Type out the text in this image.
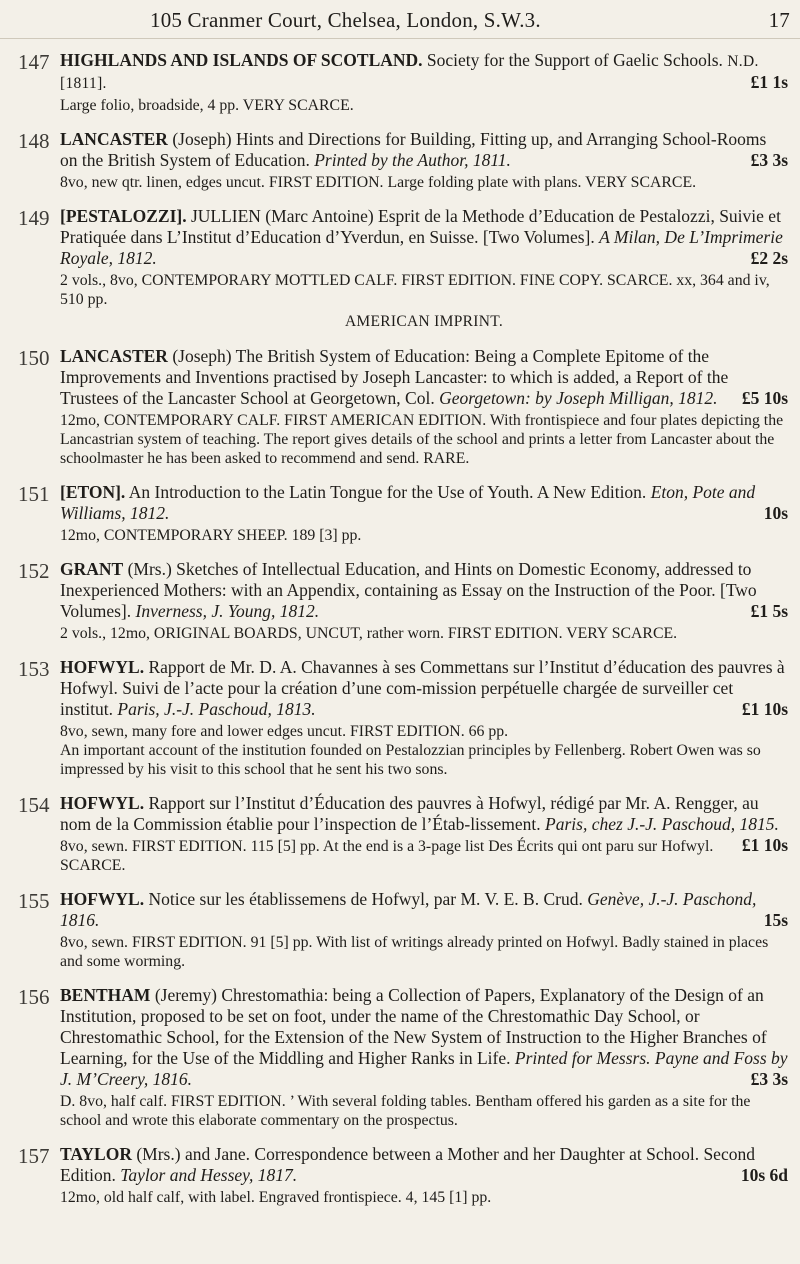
105 Cranmer Court, Chelsea, London, S.W.3.	17
147 HIGHLANDS AND ISLANDS OF SCOTLAND. Society for the Support of Gaelic Schools. N.D. [1811].	£1 1s
Large folio, broadside, 4 pp. VERY SCARCE.
148 LANCASTER (Joseph) Hints and Directions for Building, Fitting up, and Arranging School-Rooms on the British System of Education. Printed by the Author, 1811.	£3 3s
8vo, new qtr. linen, edges uncut. FIRST EDITION. Large folding plate with plans. VERY SCARCE.
149 [PESTALOZZI]. JULLIEN (Marc Antoine) Esprit de la Methode d’Education de Pestalozzi, Suivie et Pratiquée dans L’Institut d’Education d’Yverdun, en Suisse. [Two Volumes]. A Milan, De L’Imprimerie Royale, 1812.	£2 2s
2 vols., 8vo, CONTEMPORARY MOTTLED CALF. FIRST EDITION. FINE COPY. SCARCE. xx, 364 and iv, 510 pp.
AMERICAN IMPRINT.
150 LANCASTER (Joseph) The British System of Education: Being a Complete Epitome of the Improvements and Inventions practised by Joseph Lancaster: to which is added, a Report of the Trustees of the Lancaster School at Georgetown, Col. Georgetown: by Joseph Milligan, 1812.	£5 10s
12mo, CONTEMPORARY CALF. FIRST AMERICAN EDITION. With frontispiece and four plates depicting the Lancastrian system of teaching. The report gives details of the school and prints a letter from Lancaster about the schoolmaster he has been asked to recommend and send. RARE.
151 [ETON]. An Introduction to the Latin Tongue for the Use of Youth. A New Edition. Eton, Pote and Williams, 1812.	10s
12mo, CONTEMPORARY SHEEP. 189 [3] pp.
152 GRANT (Mrs.) Sketches of Intellectual Education, and Hints on Domestic Economy, addressed to Inexperienced Mothers: with an Appendix, containing as Essay on the Instruction of the Poor. [Two Volumes]. Inverness, J. Young, 1812.	£1 5s
2 vols., 12mo, ORIGINAL BOARDS, UNCUT, rather worn. FIRST EDITION. VERY SCARCE.
153 HOFWYL. Rapport de Mr. D. A. Chavannes à ses Commettans sur l’Institut d’éducation des pauvres à Hofwyl. Suivi de l’acte pour la création d’une com-mission perpétuelle chargée de surveiller cet institut. Paris, J.-J. Paschoud, 1813.	£1 10s
8vo, sewn, many fore and lower edges uncut. FIRST EDITION. 66 pp.
An important account of the institution founded on Pestalozzian principles by Fellenberg. Robert Owen was so impressed by his visit to this school that he sent his two sons.
154 HOFWYL. Rapport sur l’Institut d’Éducation des pauvres à Hofwyl, rédigé par Mr. A. Rengger, au nom de la Commission établie pour l’inspection de l’Étab-lissement. Paris, chez J.-J. Paschoud, 1815.
£1 10s
8vo, sewn. FIRST EDITION. 115 [5] pp. At the end is a 3-page list Des Écrits qui ont paru sur Hofwyl. SCARCE.
155 HOFWYL. Notice sur les établissemens de Hofwyl, par M. V. E. B. Crud. Genève, J.-J. Paschond, 1816.	15s
8vo, sewn. FIRST EDITION. 91 [5] pp. With list of writings already printed on Hofwyl. Badly stained in places and some worming.
156 BENTHAM (Jeremy) Chrestomathia: being a Collection of Papers, Explanatory of the Design of an Institution, proposed to be set on foot, under the name of the Chrestomathic Day School, or Chrestomathic School, for the Extension of the New System of Instruction to the Higher Branches of Learning, for the Use of the Middling and Higher Ranks in Life. Printed for Messrs. Payne and Foss by J. M’Creery, 1816.	£3 3s
D. 8vo, half calf. FIRST EDITION. ’ With several folding tables. Bentham offered his garden as a site for the school and wrote this elaborate commentary on the prospectus.
157 TAYLOR (Mrs.) and Jane. Correspondence between a Mother and her Daughter at School. Second Edition. Taylor and Hessey, 1817.	10s 6d
12mo, old half calf, with label. Engraved frontispiece. 4, 145 [1] pp.
